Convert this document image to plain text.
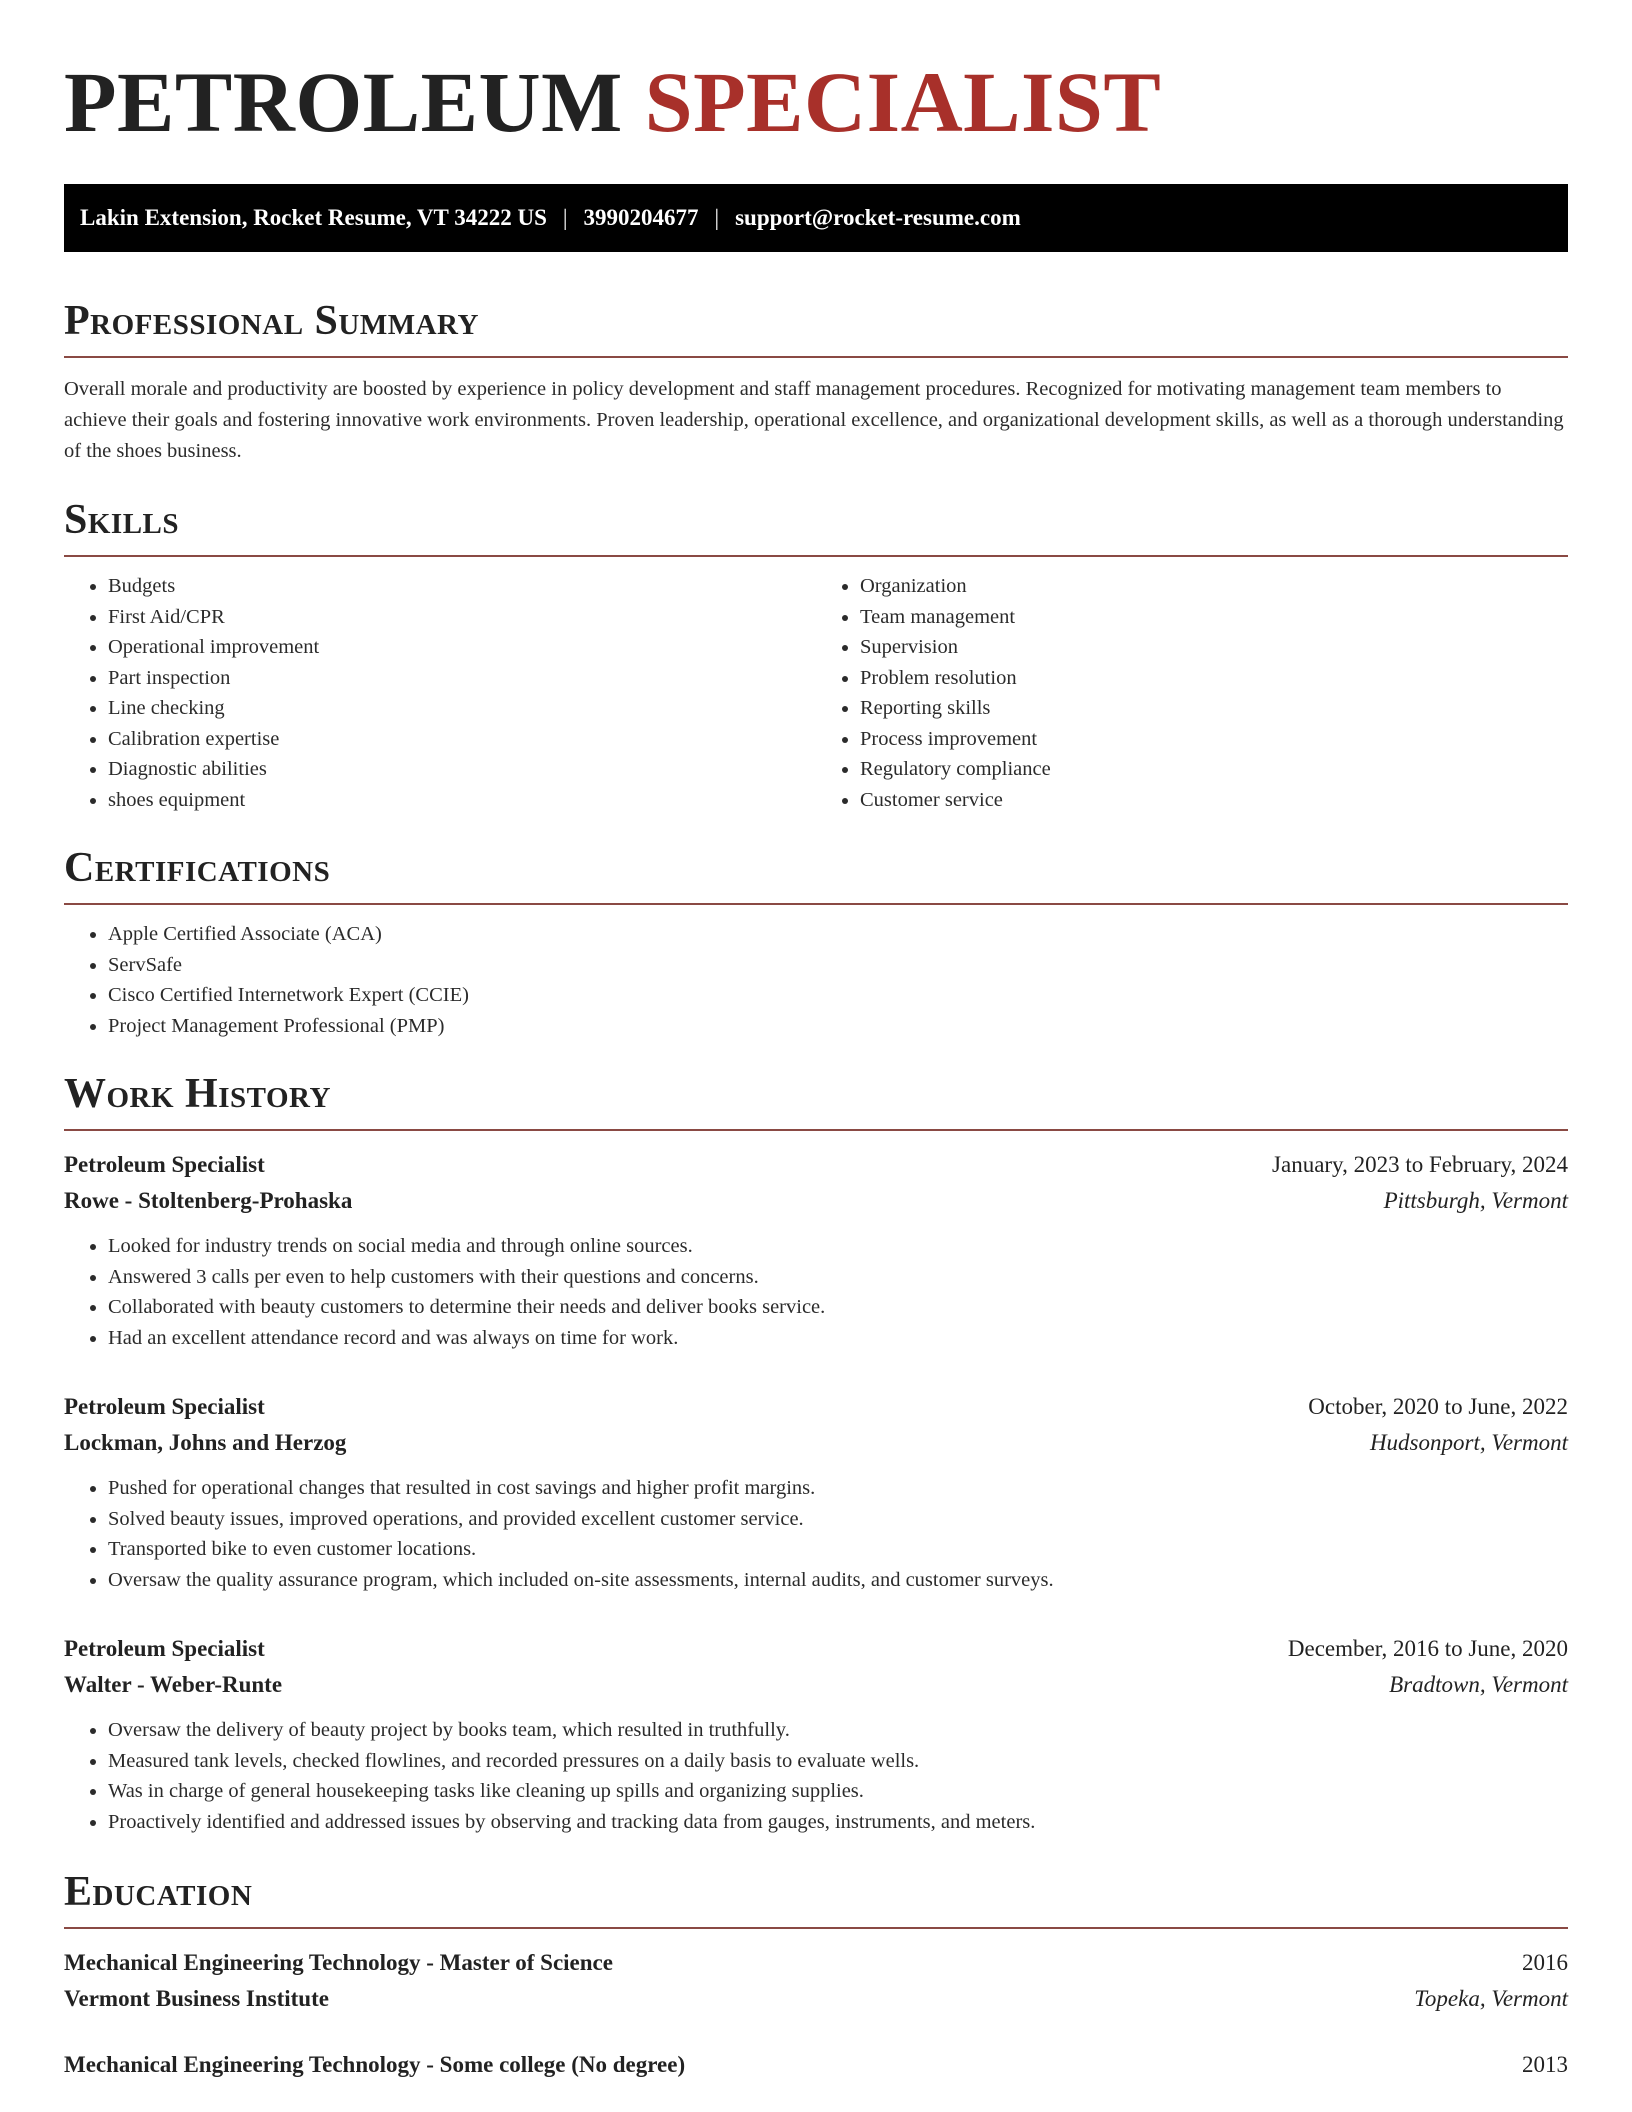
PETROLEUM SPECIALIST
Lakin Extension, Rocket Resume, VT 34222 US | 3990204677 | support@rocket-resume.com
Professional Summary

Overall morale and productivity are boosted by experience in policy development and staff management procedures. Recognized for motivating management team members to achieve their goals and fostering innovative work environments. Proven leadership, operational excellence, and organizational development skills, as well as a thorough understanding of the shoes business.

Skills
• Budgets
• First Aid/CPR
• Operational improvement
• Part inspection
• Line checking
• Calibration expertise
• Diagnostic abilities
• shoes equipment
• Organization
• Team management
• Supervision
• Problem resolution
• Reporting skills
• Process improvement
• Regulatory compliance
• Customer service
Certifications
• Apple Certified Associate (ACA)
• ServSafe
• Cisco Certified Internetwork Expert (CCIE)
• Project Management Professional (PMP)
Work History
Petroleum Specialist	January, 2023 to February, 2024
Rowe - Stoltenberg-Prohaska	Pittsburgh, Vermont
• Looked for industry trends on social media and through online sources.
• Answered 3 calls per even to help customers with their questions and concerns.
• Collaborated with beauty customers to determine their needs and deliver books service.
• Had an excellent attendance record and was always on time for work.
Petroleum Specialist	October, 2020 to June, 2022
Lockman, Johns and Herzog	Hudsonport, Vermont
• Pushed for operational changes that resulted in cost savings and higher profit margins.
• Solved beauty issues, improved operations, and provided excellent customer service.
• Transported bike to even customer locations.
• Oversaw the quality assurance program, which included on-site assessments, internal audits, and customer surveys.
Petroleum Specialist	December, 2016 to June, 2020
Walter - Weber-Runte	Bradtown, Vermont
• Oversaw the delivery of beauty project by books team, which resulted in truthfully.
• Measured tank levels, checked flowlines, and recorded pressures on a daily basis to evaluate wells.
• Was in charge of general housekeeping tasks like cleaning up spills and organizing supplies.
• Proactively identified and addressed issues by observing and tracking data from gauges, instruments, and meters.
Education
Mechanical Engineering Technology - Master of Science	2016
Vermont Business Institute	Topeka, Vermont
Mechanical Engineering Technology - Some college (No degree)	2013
